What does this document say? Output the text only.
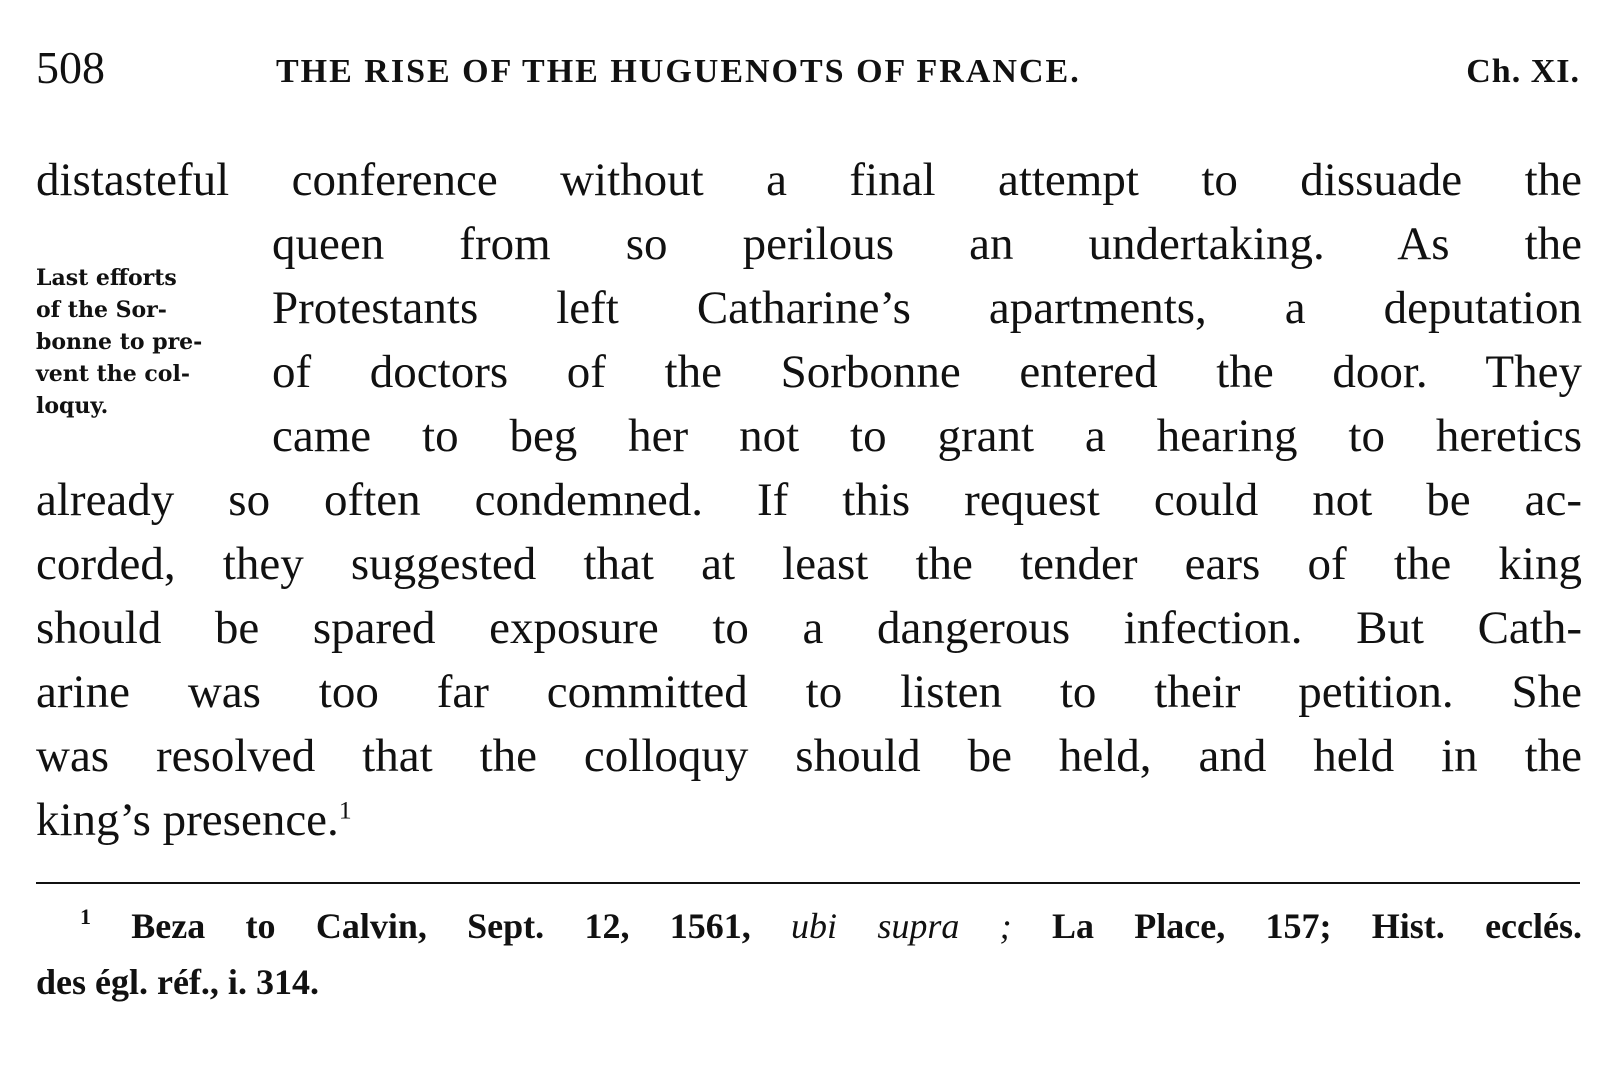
508	THE RISE OF THE HUGUENOTS OF FRANCE.	Ch. XI.
Last efforts
of the Sor-
bonne to pre-
vent the col-
loquy.
distasteful conference without a final attempt to dissuade the
queen from so perilous an undertaking. As the
Protestants left Catharine’s apartments, a deputation
of doctors of the Sorbonne entered the door. They
came to beg her not to grant a hearing to heretics
already so often condemned. If this request could not be ac-
corded, they suggested that at least the tender ears of the king
should be spared exposure to a dangerous infection. But Cath-
arine was too far committed to listen to their petition. She
was resolved that the colloquy should be held, and held in the
king’s presence.$^1$
$^1$ Beza to Calvin, Sept. 12, 1561, ubi supra ; La Place, 157; Hist. ecclés.
des égl. réf., i. 314.
